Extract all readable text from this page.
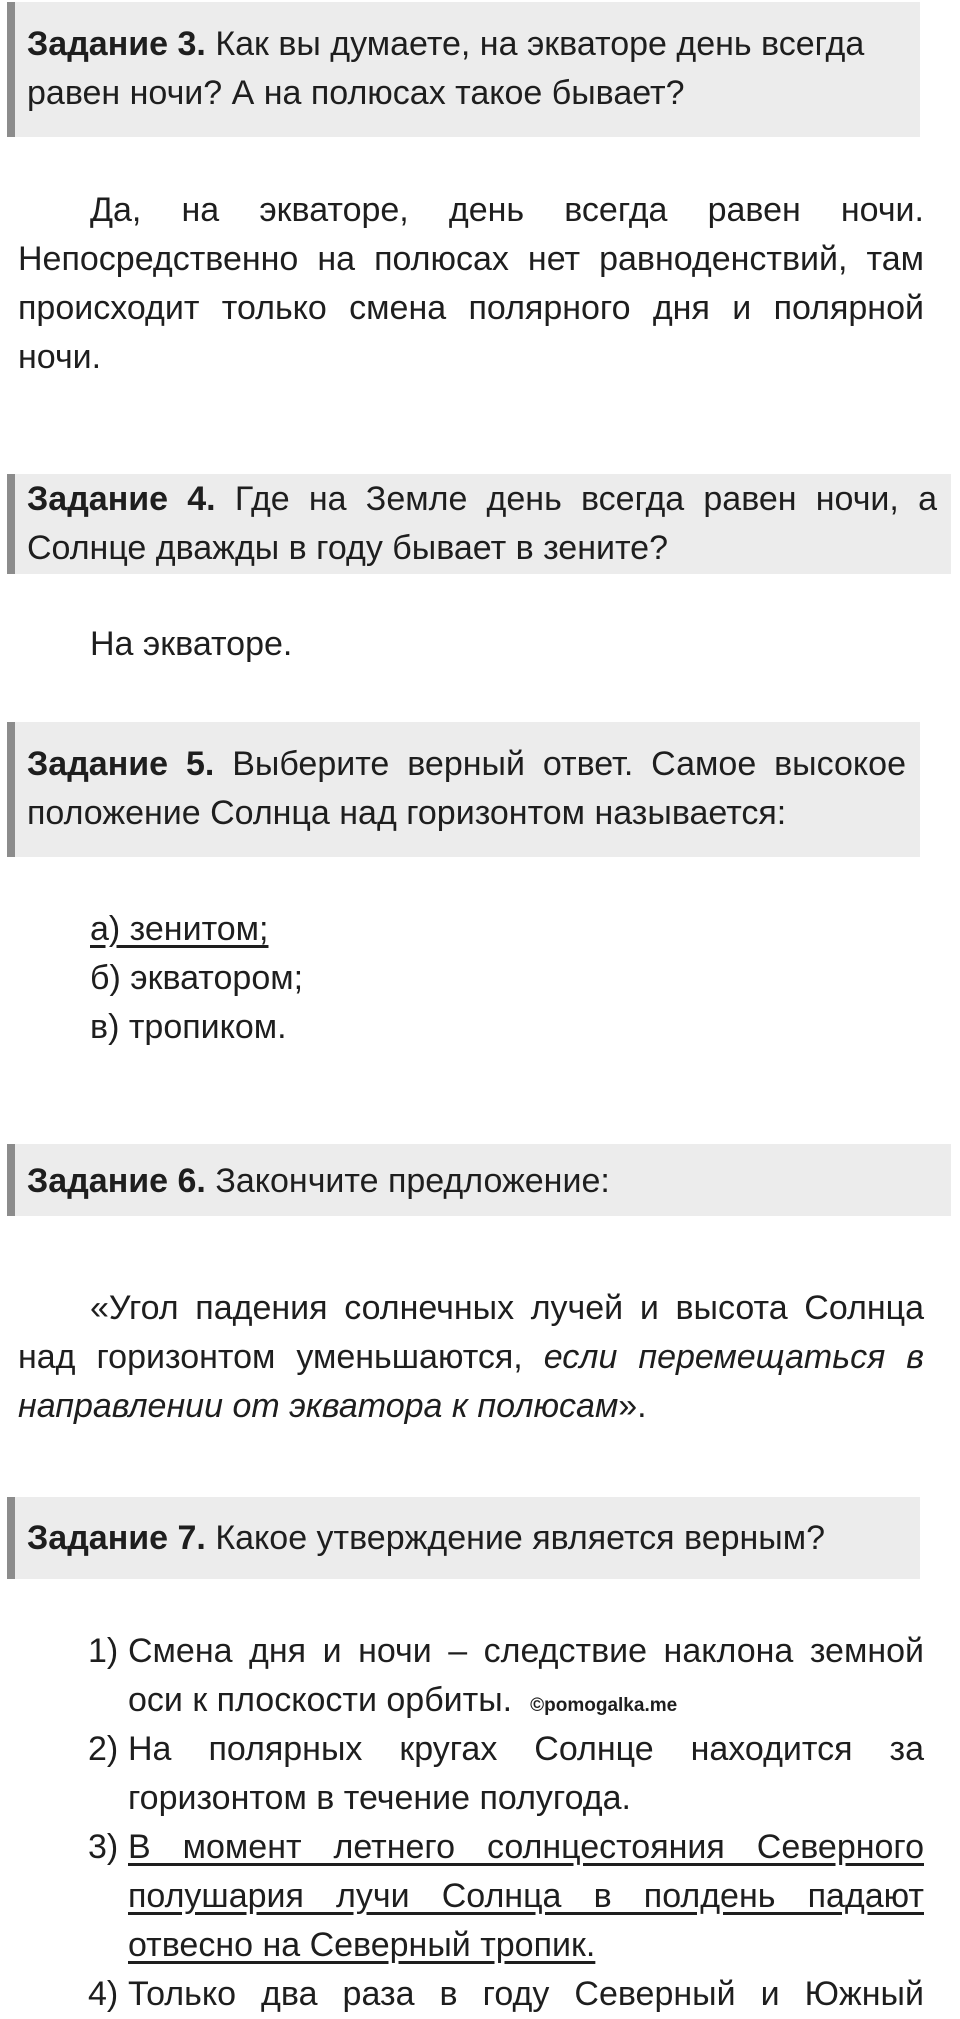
Задание 3. Как вы думаете, на экваторе день всегда равен ночи? А на полюсах такое бывает?
Да, на экваторе, день всегда равен ночи. Непосредственно на полюсах нет равноденствий, там происходит только смена полярного дня и полярной ночи.
Задание 4. Где на Земле день всегда равен ночи, а Солнце дважды в году бывает в зените?
На экваторе.
Задание 5. Выберите верный ответ. Самое высокое положение Солнца над горизонтом называется:
а) зенитом;
б) экватором;
в) тропиком.
Задание 6. Закончите предложение:
«Угол падения солнечных лучей и высота Солнца над горизонтом уменьшаются, если перемещаться в направлении от экватора к полюсам».
Задание 7. Какое утверждение является верным?
1) Смена дня и ночи – следствие наклона земной оси к плоскости орбиты. ©pomogalka.me
2) На полярных кругах Солнце находится за горизонтом в течение полугода.
3) В момент летнего солнцестояния Северного полушария лучи Солнца в полдень падают отвесно на Северный тропик.
4) Только два раза в году Северный и Южный
